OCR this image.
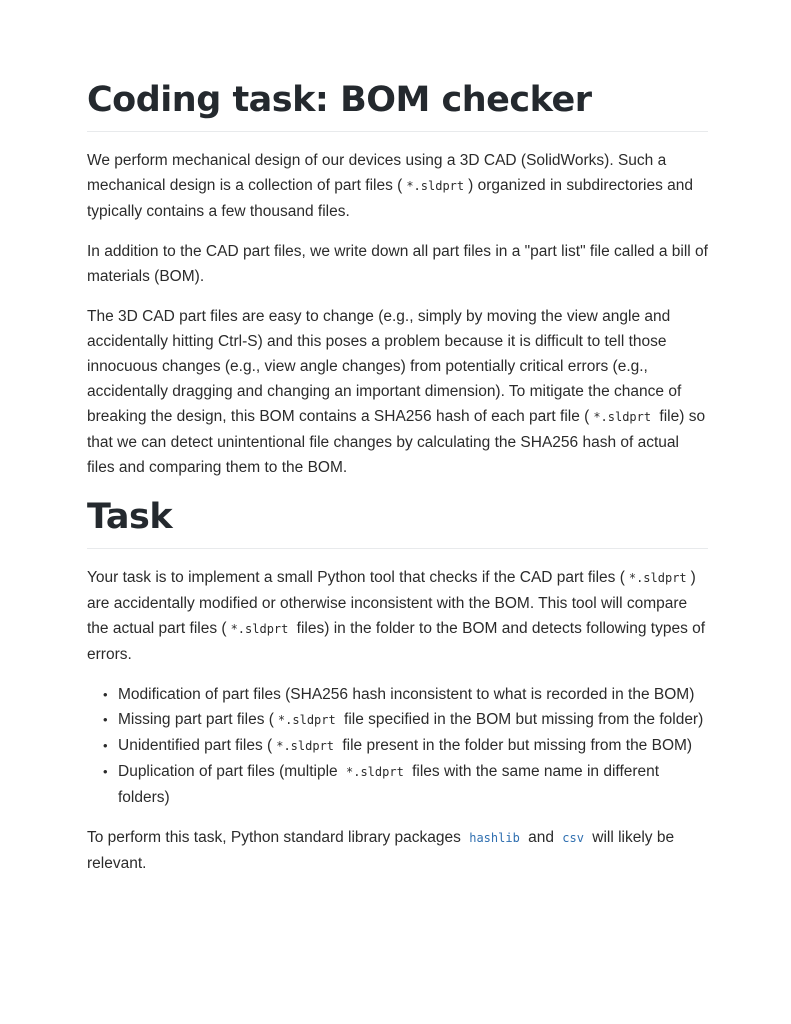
Coding task: BOM checker

We perform mechanical design of our devices using a 3D CAD (SolidWorks). Such a mechanical design is a collection of part files ( *.sldprt ) organized in subdirectories and typically contains a few thousand files.

In addition to the CAD part files, we write down all part files in a "part list" file called a bill of materials (BOM).

The 3D CAD part files are easy to change (e.g., simply by moving the view angle and accidentally hitting Ctrl-S) and this poses a problem because it is difficult to tell those innocuous changes (e.g., view angle changes) from potentially critical errors (e.g., accidentally dragging and changing an important dimension). To mitigate the chance of breaking the design, this BOM contains a SHA256 hash of each part file ( *.sldprt file) so that we can detect unintentional file changes by calculating the SHA256 hash of actual files and comparing them to the BOM.

Task

Your task is to implement a small Python tool that checks if the CAD part files ( *.sldprt ) are accidentally modified or otherwise inconsistent with the BOM. This tool will compare the actual part files ( *.sldprt files) in the folder to the BOM and detects following types of errors.

• Modification of part files (SHA256 hash inconsistent to what is recorded in the BOM)
• Missing part part files ( *.sldprt file specified in the BOM but missing from the folder)
• Unidentified part files ( *.sldprt file present in the folder but missing from the BOM)
• Duplication of part files (multiple *.sldprt files with the same name in different folders)

To perform this task, Python standard library packages hashlib and csv will likely be relevant.
